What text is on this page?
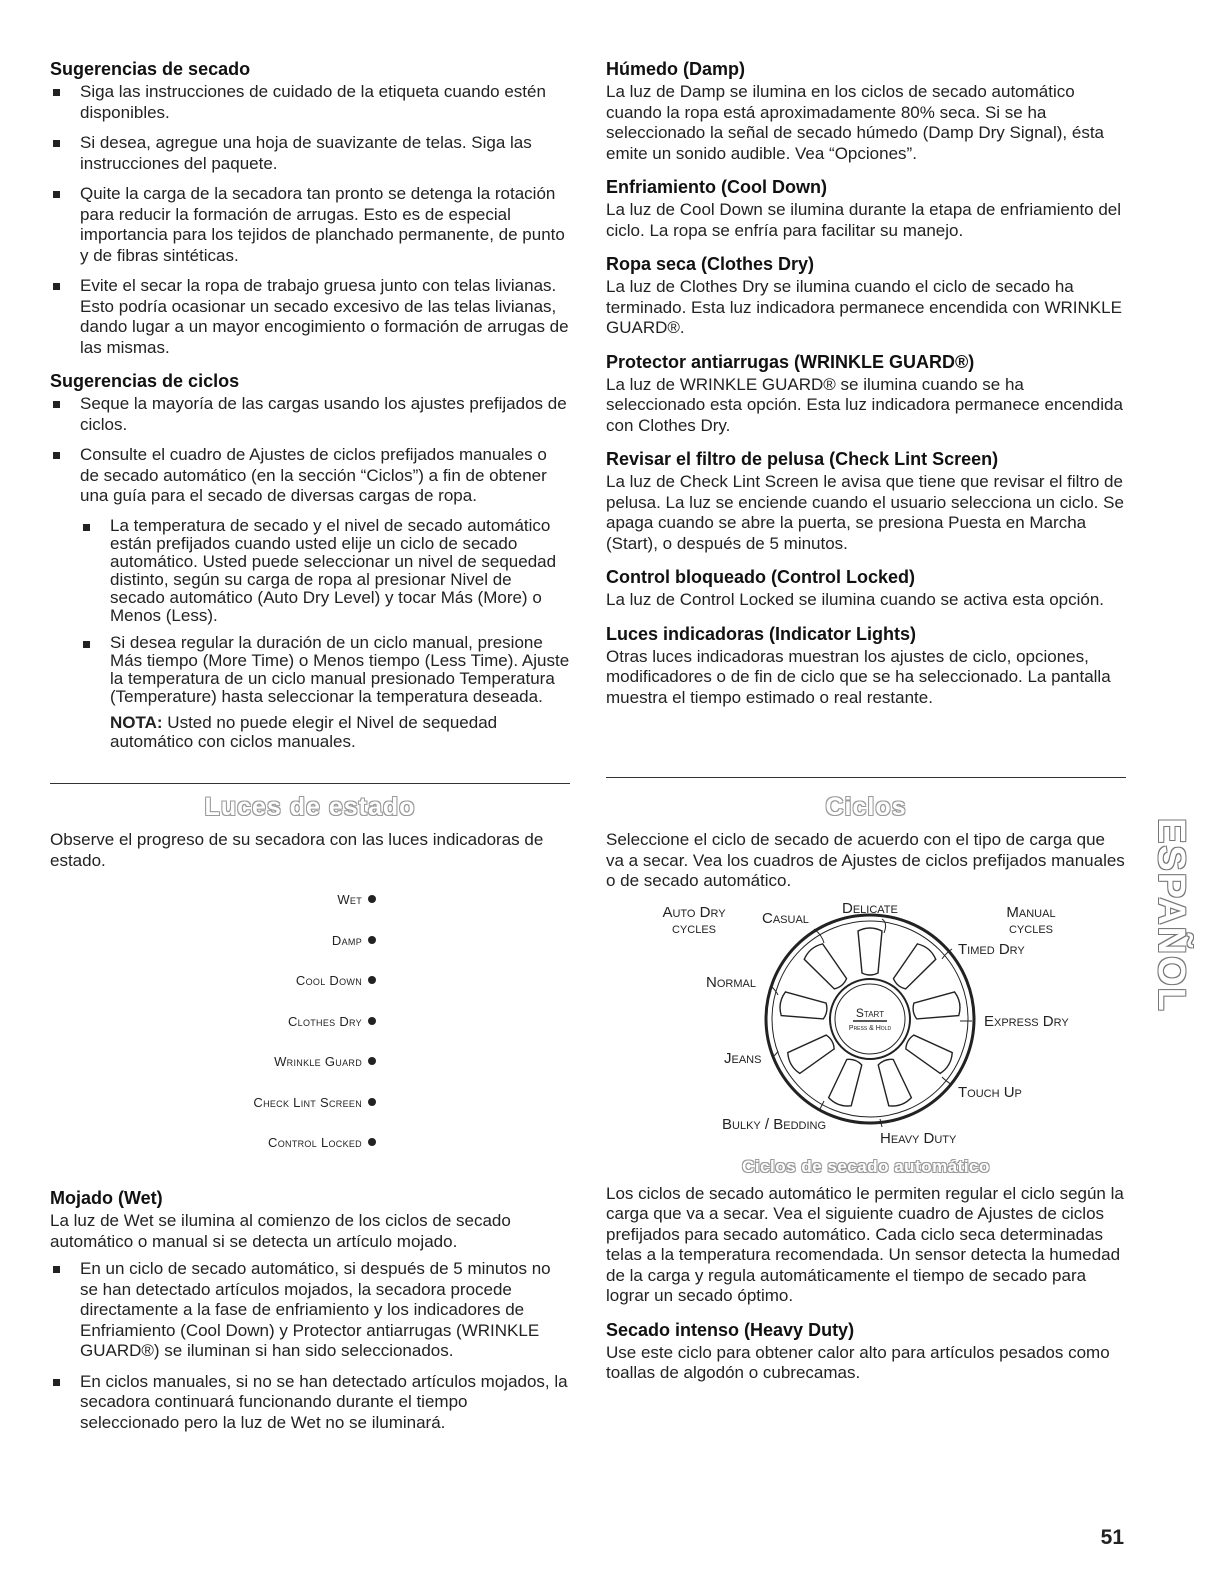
Sugerencias de secado
Siga las instrucciones de cuidado de la etiqueta cuando estén disponibles.
Si desea, agregue una hoja de suavizante de telas. Siga las instrucciones del paquete.
Quite la carga de la secadora tan pronto se detenga la rotación para reducir la formación de arrugas. Esto es de especial importancia para los tejidos de planchado permanente, de punto y de fibras sintéticas.
Evite el secar la ropa de trabajo gruesa junto con telas livianas. Esto podría ocasionar un secado excesivo de las telas livianas, dando lugar a un mayor encogimiento o formación de arrugas de las mismas.
Sugerencias de ciclos
Seque la mayoría de las cargas usando los ajustes prefijados de ciclos.
Consulte el cuadro de Ajustes de ciclos prefijados manuales o de secado automático (en la sección “Ciclos”) a fin de obtener una guía para el secado de diversas cargas de ropa.
La temperatura de secado y el nivel de secado automático están prefijados cuando usted elije un ciclo de secado automático. Usted puede seleccionar un nivel de sequedad distinto, según su carga de ropa al presionar Nivel de secado automático (Auto Dry Level) y tocar Más (More) o Menos (Less).
Si desea regular la duración de un ciclo manual, presione Más tiempo (More Time) o Menos tiempo (Less Time). Ajuste la temperatura de un ciclo manual presionado Temperatura (Temperature) hasta seleccionar la temperatura deseada.

NOTA: Usted no puede elegir el Nivel de sequedad automático con ciclos manuales.

Luces de estado

Observe el progreso de su secadora con las luces indicadoras de estado.

Wet
Damp
Cool Down
Clothes Dry
Wrinkle Guard
Check Lint Screen
Control Locked
Mojado (Wet)

La luz de Wet se ilumina al comienzo de los ciclos de secado automático o manual si se detecta un artículo mojado.

En un ciclo de secado automático, si después de 5 minutos no se han detectado artículos mojados, la secadora procede directamente a la fase de enfriamiento y los indicadores de Enfriamiento (Cool Down) y Protector antiarrugas (WRINKLE GUARD®) se iluminan si han sido seleccionados.
En ciclos manuales, si no se han detectado artículos mojados, la secadora continuará funcionando durante el tiempo seleccionado pero la luz de Wet no se iluminará.
Húmedo (Damp)

La luz de Damp se ilumina en los ciclos de secado automático cuando la ropa está aproximadamente 80% seca. Si se ha seleccionado la señal de secado húmedo (Damp Dry Signal), ésta emite un sonido audible. Vea “Opciones”.

Enfriamiento (Cool Down)

La luz de Cool Down se ilumina durante la etapa de enfriamiento del ciclo. La ropa se enfría para facilitar su manejo.

Ropa seca (Clothes Dry)

La luz de Clothes Dry se ilumina cuando el ciclo de secado ha terminado. Esta luz indicadora permanece encendida con WRINKLE GUARD®.

Protector antiarrugas (WRINKLE GUARD®)

La luz de WRINKLE GUARD® se ilumina cuando se ha seleccionado esta opción. Esta luz indicadora permanece encendida con Clothes Dry.

Revisar el filtro de pelusa (Check Lint Screen)

La luz de Check Lint Screen le avisa que tiene que revisar el filtro de pelusa. La luz se enciende cuando el usuario selecciona un ciclo. Se apaga cuando se abre la puerta, se presiona Puesta en Marcha (Start), o después de 5 minutos.

Control bloqueado (Control Locked)

La luz de Control Locked se ilumina cuando se activa esta opción.

Luces indicadoras (Indicator Lights)

Otras luces indicadoras muestran los ajustes de ciclo, opciones, modificadores o de fin de ciclo que se ha seleccionado. La pantalla muestra el tiempo estimado o real restante.

Ciclos

Seleccione el ciclo de secado de acuerdo con el tipo de carga que va a secar. Vea los cuadros de Ajustes de ciclos prefijados manuales o de secado automático.

Auto Dry
cycles
Casual
Delicate	Manual
cycles
Timed Dry
Normal
Express Dry
Jeans
Touch Up
Bulky / Bedding
Heavy Duty
Start
Press & Hold
Ciclos de secado automático

Los ciclos de secado automático le permiten regular el ciclo según la carga que va a secar. Vea el siguiente cuadro de Ajustes de ciclos prefijados para secado automático. Cada ciclo seca determinadas telas a la temperatura recomendada. Un sensor detecta la humedad de la carga y regula automáticamente el tiempo de secado para lograr un secado óptimo.

Secado intenso (Heavy Duty)

Use este ciclo para obtener calor alto para artículos pesados como toallas de algodón o cubrecamas.

ESPAÑOL
51
